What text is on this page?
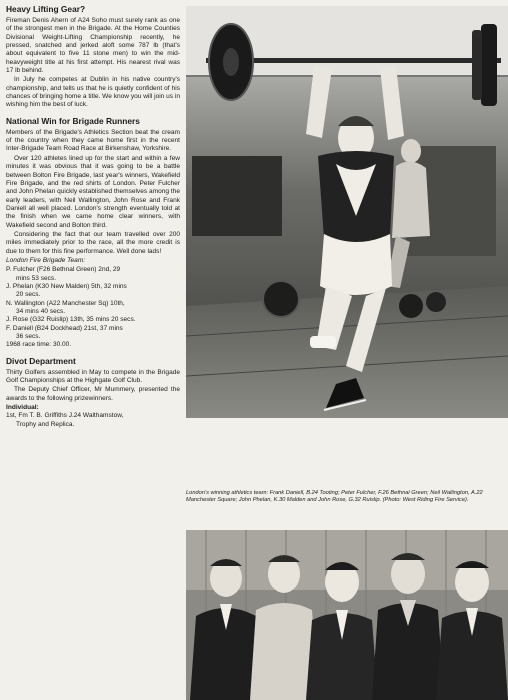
Heavy Lifting Gear?

Fireman Denis Ahern of A24 Soho must surely rank as one of the strongest men in the Brigade. At the Home Counties Divisional Weight-Lifting Championship recently, he pressed, snatched and jerked aloft some 787 lb (that's about equivalent to five 11 stone men) to win the mid-heavyweight title at his first attempt. His nearest rival was 17 lb behind.

In July he competes at Dublin in his native country's championship, and tells us that he is quietly confident of his chances of bringing home a title. We know you will join us in wishing him the best of luck.

National Win for Brigade Runners

Members of the Brigade's Athletics Section beat the cream of the country when they came home first in the recent Inter-Brigade Team Road Race at Birkenshaw, Yorkshire.

Over 120 athletes lined up for the start and within a few minutes it was obvious that it was going to be a battle between Bolton Fire Brigade, last year's winners, Wakefield Fire Brigade, and the red shirts of London. Peter Fulcher and John Phelan quickly established themselves among the early leaders, with Neil Wallington, John Rose and Frank Daniell all well placed. London's strength eventually told at the finish when we came home clear winners, with Wakefield second and Bolton third.

Considering the fact that our team travelled over 200 miles immediately prior to the race, all the more credit is due to them for this fine performance. Well done lads!

London Fire Brigade Team:

P. Fulcher (F26 Bethnal Green) 2nd, 29
mins 53 secs.
J. Phelan (K30 New Malden) 5th, 32 mins
20 secs.
N. Wallington (A22 Manchester Sq) 10th,
34 mins 40 secs.
J. Rose (G32 Ruislip) 13th, 35 mins 20 secs.
F. Daniell (B24 Dockhead) 21st, 37 mins
36 secs.

1968 race time: 30.00.

Divot Department

Thirty Golfers assembled in May to compete in the Brigade Golf Championships at the Highgate Golf Club.

The Deputy Chief Officer, Mr Mummery, presented the awards to the following prizewinners.

Individual:
1st, Fm T. B. Griffiths J.24 Walthamstow,
Trophy and Replica.
London's winning athletics team: Frank Daniell, B.24 Tooting; Peter Fulcher, F.26 Bethnal Green; Neil Wallington, A.22 Manchester Square; John Phelan, K.30 Malden and John Rose, G.32 Ruislip. (Photo: West Riding Fire Service).
